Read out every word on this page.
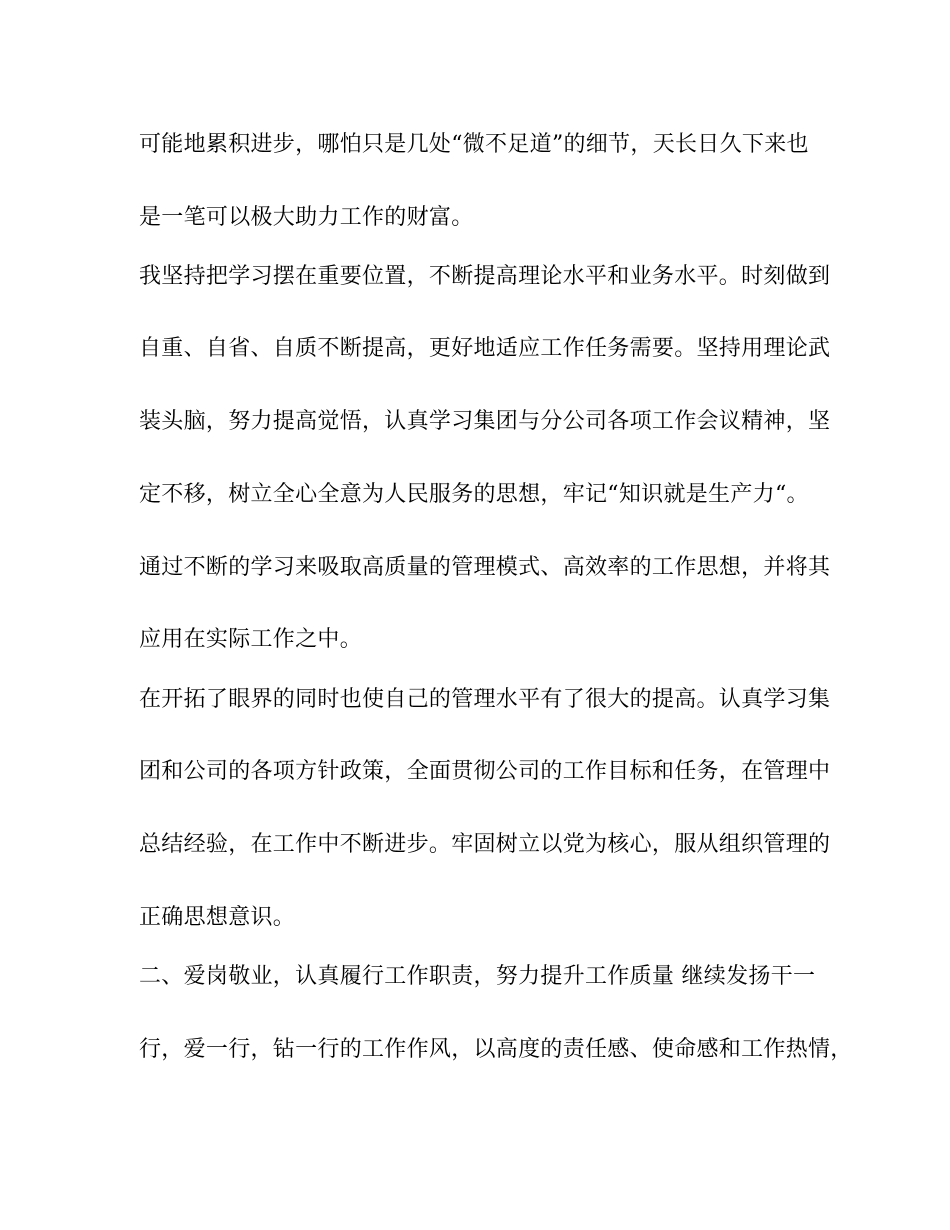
可能地累积进步，哪怕只是几处“微不足道”的细节，天长日久下来也
是一笔可以极大助力工作的财富。
我坚持把学习摆在重要位置，不断提高理论水平和业务水平。时刻做到
自重、自省、自质不断提高，更好地适应工作任务需要。坚持用理论武
装头脑，努力提高觉悟，认真学习集团与分公司各项工作会议精神，坚
定不移，树立全心全意为人民服务的思想，牢记“知识就是生产力“。
通过不断的学习来吸取高质量的管理模式、高效率的工作思想，并将其
应用在实际工作之中。
在开拓了眼界的同时也使自己的管理水平有了很大的提高。认真学习集
团和公司的各项方针政策，全面贯彻公司的工作目标和任务，在管理中
总结经验，在工作中不断进步。牢固树立以党为核心，服从组织管理的
正确思想意识。
二、爱岗敬业，认真履行工作职责，努力提升工作质量 继续发扬干一
行，爱一行，钻一行的工作作风，以高度的责任感、使命感和工作热情，
